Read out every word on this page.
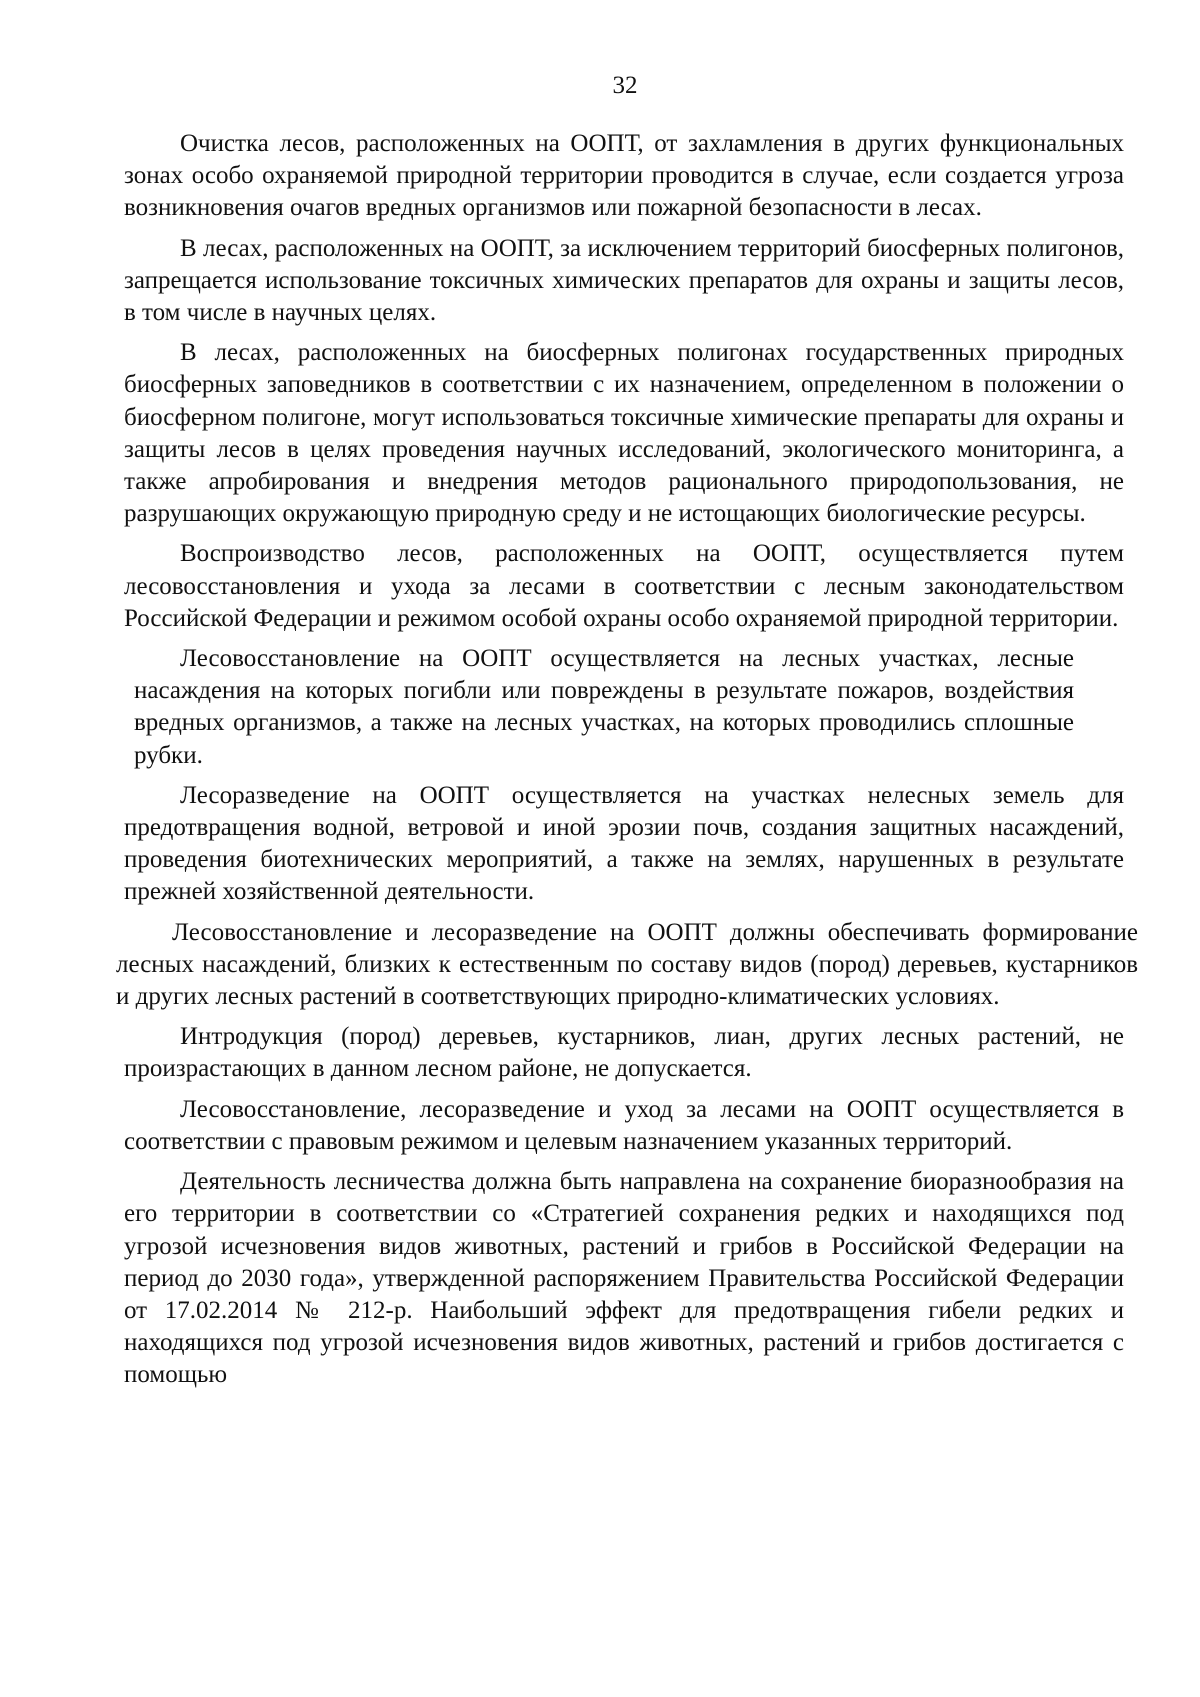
32

Очистка лесов, расположенных на ООПТ, от захламления в других функциональных зонах особо охраняемой природной территории проводится в случае, если создается угроза возникновения очагов вредных организмов или пожарной безопасности в лесах.

В лесах, расположенных на ООПТ, за исключением территорий биосферных полигонов, запрещается использование токсичных химических препаратов для охраны и защиты лесов, в том числе в научных целях.

В лесах, расположенных на биосферных полигонах государственных природных биосферных заповедников в соответствии с их назначением, определенном в положении о биосферном полигоне, могут использоваться токсичные химические препараты для охраны и защиты лесов в целях проведения научных исследований, экологического мониторинга, а также апробирования и внедрения методов рационального природопользования, не разрушающих окружающую природную среду и не истощающих биологические ресурсы.

Воспроизводство лесов, расположенных на ООПТ, осуществляется путем лесовосстановления и ухода за лесами в соответствии с лесным законодательством Российской Федерации и режимом особой охраны особо охраняемой природной территории.

Лесовосстановление на ООПТ осуществляется на лесных участках, лесные насаждения на которых погибли или повреждены в результате пожаров, воздействия вредных организмов, а также на лесных участках, на которых проводились сплошные рубки.

Лесоразведение на ООПТ осуществляется на участках нелесных земель для предотвращения водной, ветровой и иной эрозии почв, создания защитных насаждений, проведения биотехнических мероприятий, а также на землях, нарушенных в результате прежней хозяйственной деятельности.

Лесовосстановление и лесоразведение на ООПТ должны обеспечивать формирование лесных насаждений, близких к естественным по составу видов (пород) деревьев, кустарников и других лесных растений в соответствующих природно-климатических условиях.

Интродукция (пород) деревьев, кустарников, лиан, других лесных растений, не произрастающих в данном лесном районе, не допускается.

Лесовосстановление, лесоразведение и уход за лесами на ООПТ осуществляется в соответствии с правовым режимом и целевым назначением указанных территорий.

Деятельность лесничества должна быть направлена на сохранение биоразнообразия на его территории в соответствии со «Стратегией сохранения редких и находящихся под угрозой исчезновения видов животных, растений и грибов в Российской Федерации на период до 2030 года», утвержденной распоряжением Правительства Российской Федерации от 17.02.2014 № 212-р. Наибольший эффект для предотвращения гибели редких и находящихся под угрозой исчезновения видов животных, растений и грибов достигается с помощью
